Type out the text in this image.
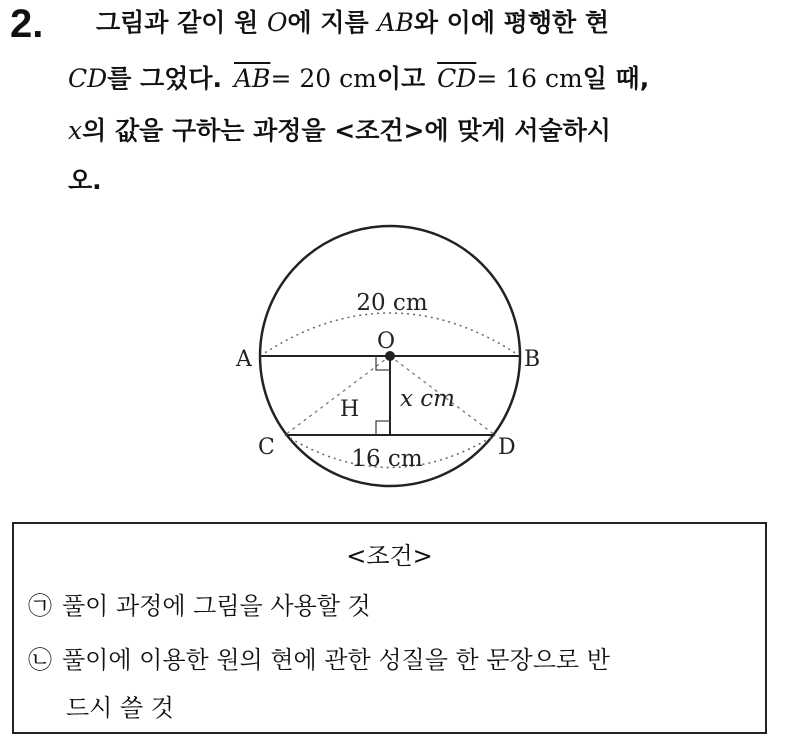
2. 그림과 같이 원 O에 지름 AB와 이에 평행한 현
CD를 그었다. $\overline{AB}= 20$ cm이고 $\overline{CD}= 16$ cm일 때,
x의 값을 구하는 과정을 <조건>에 맞게 서술하시
오.
20 cm
O
A	B
H x cm
C	D
16 cm
<조건>
㉠ 풀이 과정에 그림을 사용할 것
㉡ 풀이에 이용한 원의 현에 관한 성질을 한 문장으로 반
드시 쓸 것
